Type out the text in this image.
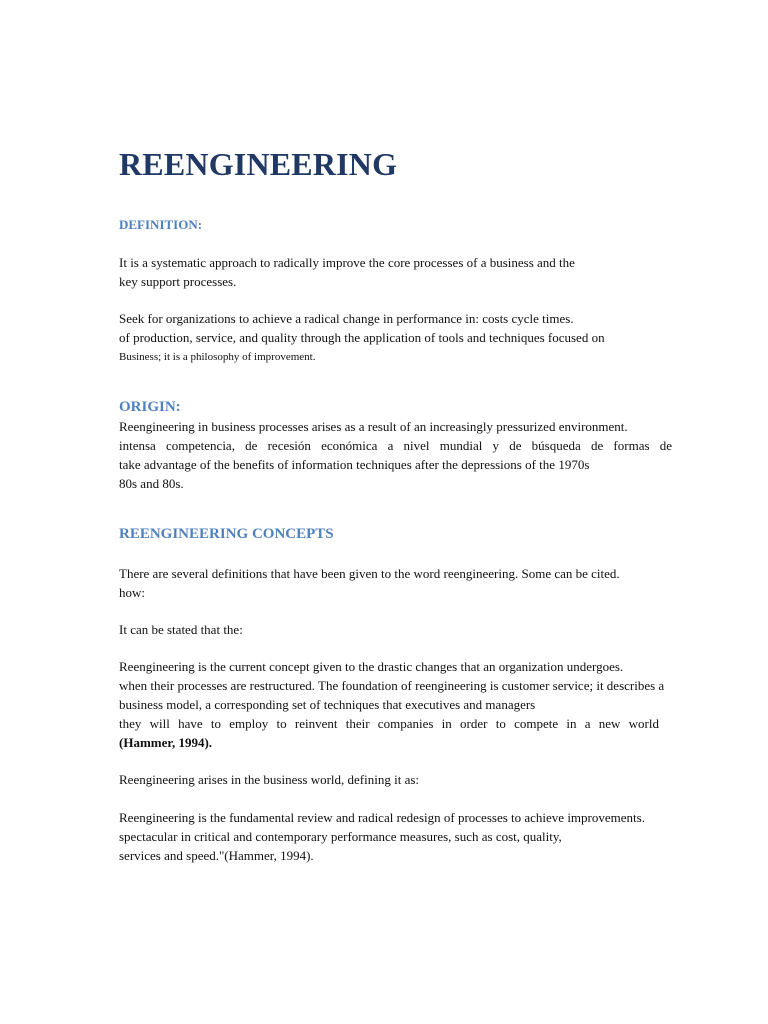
REENGINEERING
DEFINITION:

It is a systematic approach to radically improve the core processes of a business and the

key support processes.

Seek for organizations to achieve a radical change in performance in: costs cycle times.

of production, service, and quality through the application of tools and techniques focused on

Business; it is a philosophy of improvement.

ORIGIN:

Reengineering in business processes arises as a result of an increasingly pressurized environment.

intensa competencia, de recesión económica a nivel mundial y de búsqueda de formas de

take advantage of the benefits of information techniques after the depressions of the 1970s

80s and 80s.

REENGINEERING CONCEPTS

There are several definitions that have been given to the word reengineering. Some can be cited.

how:

It can be stated that the:

Reengineering is the current concept given to the drastic changes that an organization undergoes.

when their processes are restructured. The foundation of reengineering is customer service; it describes a

business model, a corresponding set of techniques that executives and managers

they will have to employ to reinvent their companies in order to compete in a new world

(Hammer, 1994).

Reengineering arises in the business world, defining it as:

Reengineering is the fundamental review and radical redesign of processes to achieve improvements.

spectacular in critical and contemporary performance measures, such as cost, quality,

services and speed."(Hammer, 1994).
